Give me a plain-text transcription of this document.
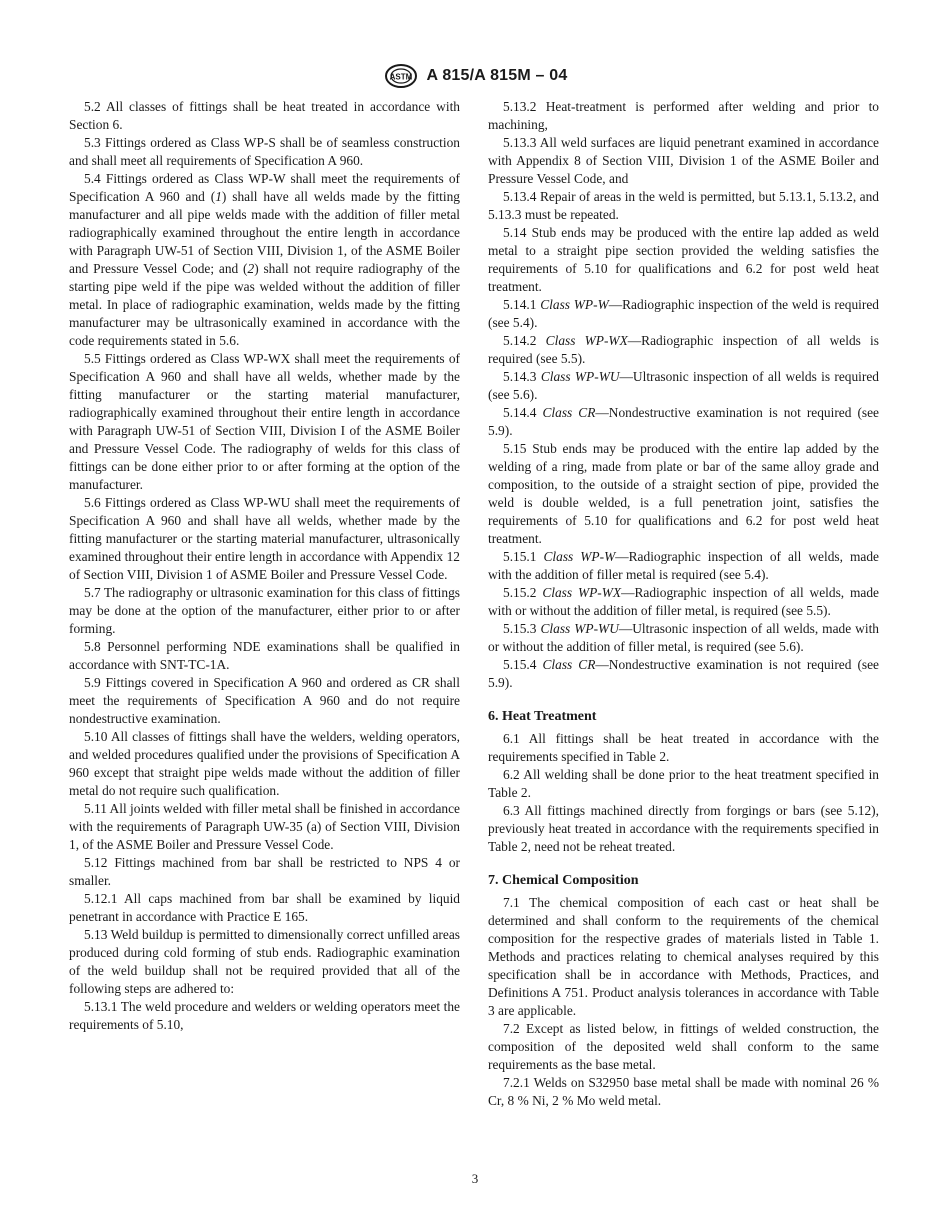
ASTM A 815/A 815M – 04

5.2 All classes of fittings shall be heat treated in accordance with Section 6.

5.3 Fittings ordered as Class WP-S shall be of seamless construction and shall meet all requirements of Specification A 960.

5.4 Fittings ordered as Class WP-W shall meet the requirements of Specification A 960 and (1) shall have all welds made by the fitting manufacturer and all pipe welds made with the addition of filler metal radiographically examined throughout the entire length in accordance with Paragraph UW-51 of Section VIII, Division 1, of the ASME Boiler and Pressure Vessel Code; and (2) shall not require radiography of the starting pipe weld if the pipe was welded without the addition of filler metal. In place of radiographic examination, welds made by the fitting manufacturer may be ultrasonically examined in accordance with the code requirements stated in 5.6.

5.5 Fittings ordered as Class WP-WX shall meet the requirements of Specification A 960 and shall have all welds, whether made by the fitting manufacturer or the starting material manufacturer, radiographically examined throughout their entire length in accordance with Paragraph UW-51 of Section VIII, Division I of the ASME Boiler and Pressure Vessel Code. The radiography of welds for this class of fittings can be done either prior to or after forming at the option of the manufacturer.

5.6 Fittings ordered as Class WP-WU shall meet the requirements of Specification A 960 and shall have all welds, whether made by the fitting manufacturer or the starting material manufacturer, ultrasonically examined throughout their entire length in accordance with Appendix 12 of Section VIII, Division 1 of ASME Boiler and Pressure Vessel Code.

5.7 The radiography or ultrasonic examination for this class of fittings may be done at the option of the manufacturer, either prior to or after forming.

5.8 Personnel performing NDE examinations shall be qualified in accordance with SNT-TC-1A.

5.9 Fittings covered in Specification A 960 and ordered as CR shall meet the requirements of Specification A 960 and do not require nondestructive examination.

5.10 All classes of fittings shall have the welders, welding operators, and welded procedures qualified under the provisions of Specification A 960 except that straight pipe welds made without the addition of filler metal do not require such qualification.

5.11 All joints welded with filler metal shall be finished in accordance with the requirements of Paragraph UW-35 (a) of Section VIII, Division 1, of the ASME Boiler and Pressure Vessel Code.

5.12 Fittings machined from bar shall be restricted to NPS 4 or smaller.

5.12.1 All caps machined from bar shall be examined by liquid penetrant in accordance with Practice E 165.

5.13 Weld buildup is permitted to dimensionally correct unfilled areas produced during cold forming of stub ends. Radiographic examination of the weld buildup shall not be required provided that all of the following steps are adhered to:

5.13.1 The weld procedure and welders or welding operators meet the requirements of 5.10,

5.13.2 Heat-treatment is performed after welding and prior to machining,

5.13.3 All weld surfaces are liquid penetrant examined in accordance with Appendix 8 of Section VIII, Division 1 of the ASME Boiler and Pressure Vessel Code, and

5.13.4 Repair of areas in the weld is permitted, but 5.13.1, 5.13.2, and 5.13.3 must be repeated.

5.14 Stub ends may be produced with the entire lap added as weld metal to a straight pipe section provided the welding satisfies the requirements of 5.10 for qualifications and 6.2 for post weld heat treatment.

5.14.1 Class WP-W—Radiographic inspection of the weld is required (see 5.4).

5.14.2 Class WP-WX—Radiographic inspection of all welds is required (see 5.5).

5.14.3 Class WP-WU—Ultrasonic inspection of all welds is required (see 5.6).

5.14.4 Class CR—Nondestructive examination is not required (see 5.9).

5.15 Stub ends may be produced with the entire lap added by the welding of a ring, made from plate or bar of the same alloy grade and composition, to the outside of a straight section of pipe, provided the weld is double welded, is a full penetration joint, satisfies the requirements of 5.10 for qualifications and 6.2 for post weld heat treatment.

5.15.1 Class WP-W—Radiographic inspection of all welds, made with the addition of filler metal is required (see 5.4).

5.15.2 Class WP-WX—Radiographic inspection of all welds, made with or without the addition of filler metal, is required (see 5.5).

5.15.3 Class WP-WU—Ultrasonic inspection of all welds, made with or without the addition of filler metal, is required (see 5.6).

5.15.4 Class CR—Nondestructive examination is not required (see 5.9).

6. Heat Treatment

6.1 All fittings shall be heat treated in accordance with the requirements specified in Table 2.

6.2 All welding shall be done prior to the heat treatment specified in Table 2.

6.3 All fittings machined directly from forgings or bars (see 5.12), previously heat treated in accordance with the requirements specified in Table 2, need not be reheat treated.

7. Chemical Composition

7.1 The chemical composition of each cast or heat shall be determined and shall conform to the requirements of the chemical composition for the respective grades of materials listed in Table 1. Methods and practices relating to chemical analyses required by this specification shall be in accordance with Methods, Practices, and Definitions A 751. Product analysis tolerances in accordance with Table 3 are applicable.

7.2 Except as listed below, in fittings of welded construction, the composition of the deposited weld shall conform to the same requirements as the base metal.

7.2.1 Welds on S32950 base metal shall be made with nominal 26 % Cr, 8 % Ni, 2 % Mo weld metal.

3
